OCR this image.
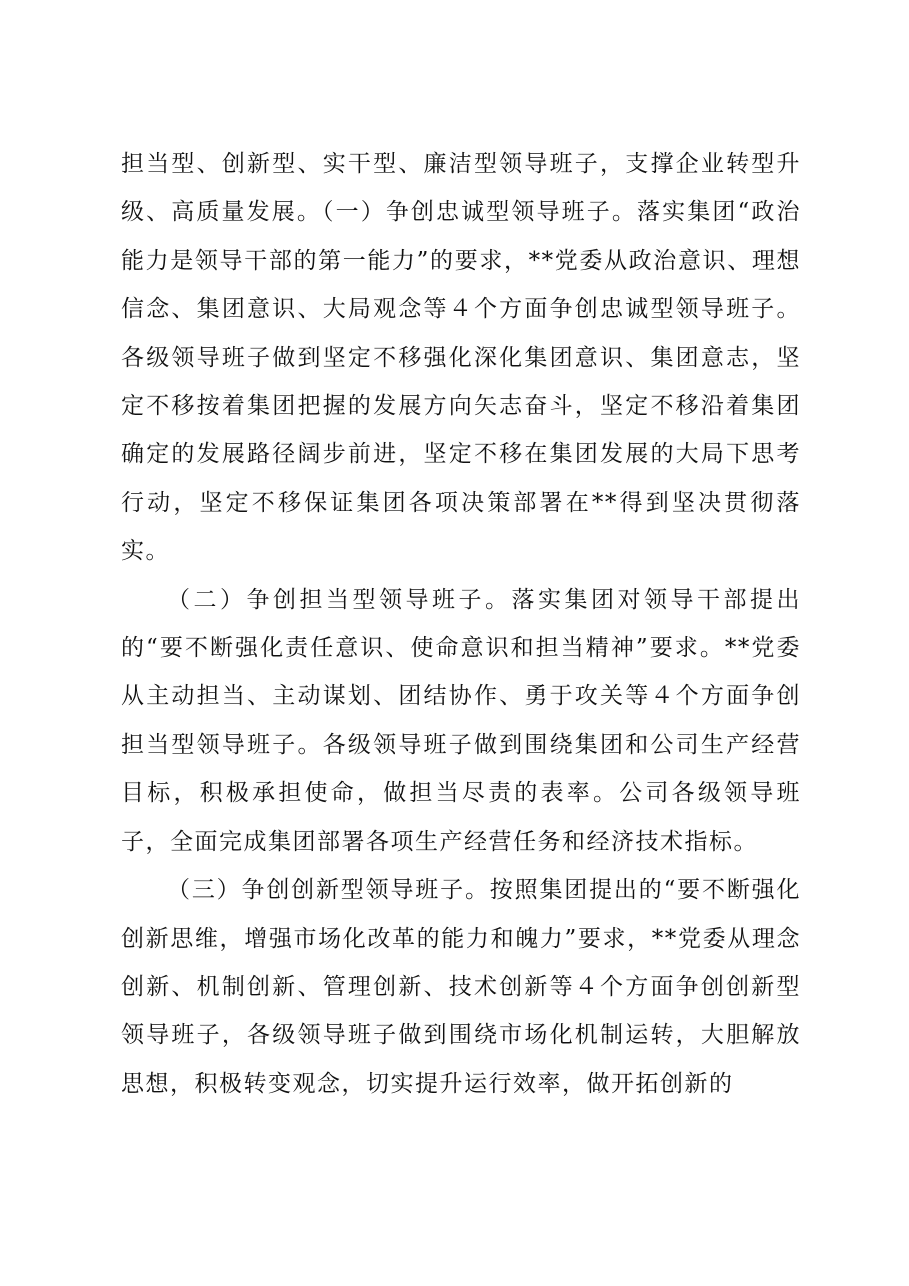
担当型、创新型、实干型、廉洁型领导班子，支撑企业转型升级、高质量发展。（一）争创忠诚型领导班子。落实集团“政治能力是领导干部的第一能力”的要求，**党委从政治意识、理想信念、集团意识、大局观念等４个方面争创忠诚型领导班子。各级领导班子做到坚定不移强化深化集团意识、集团意志，坚定不移按着集团把握的发展方向矢志奋斗，坚定不移沿着集团确定的发展路径阔步前进，坚定不移在集团发展的大局下思考行动，坚定不移保证集团各项决策部署在**得到坚决贯彻落实。

（二）争创担当型领导班子。落实集团对领导干部提出的“要不断强化责任意识、使命意识和担当精神”要求。**党委从主动担当、主动谋划、团结协作、勇于攻关等４个方面争创担当型领导班子。各级领导班子做到围绕集团和公司生产经营目标，积极承担使命，做担当尽责的表率。公司各级领导班子，全面完成集团部署各项生产经营任务和经济技术指标。

（三）争创创新型领导班子。按照集团提出的“要不断强化创新思维，增强市场化改革的能力和魄力”要求，**党委从理念创新、机制创新、管理创新、技术创新等４个方面争创创新型领导班子，各级领导班子做到围绕市场化机制运转，大胆解放思想，积极转变观念，切实提升运行效率，做开拓创新的
